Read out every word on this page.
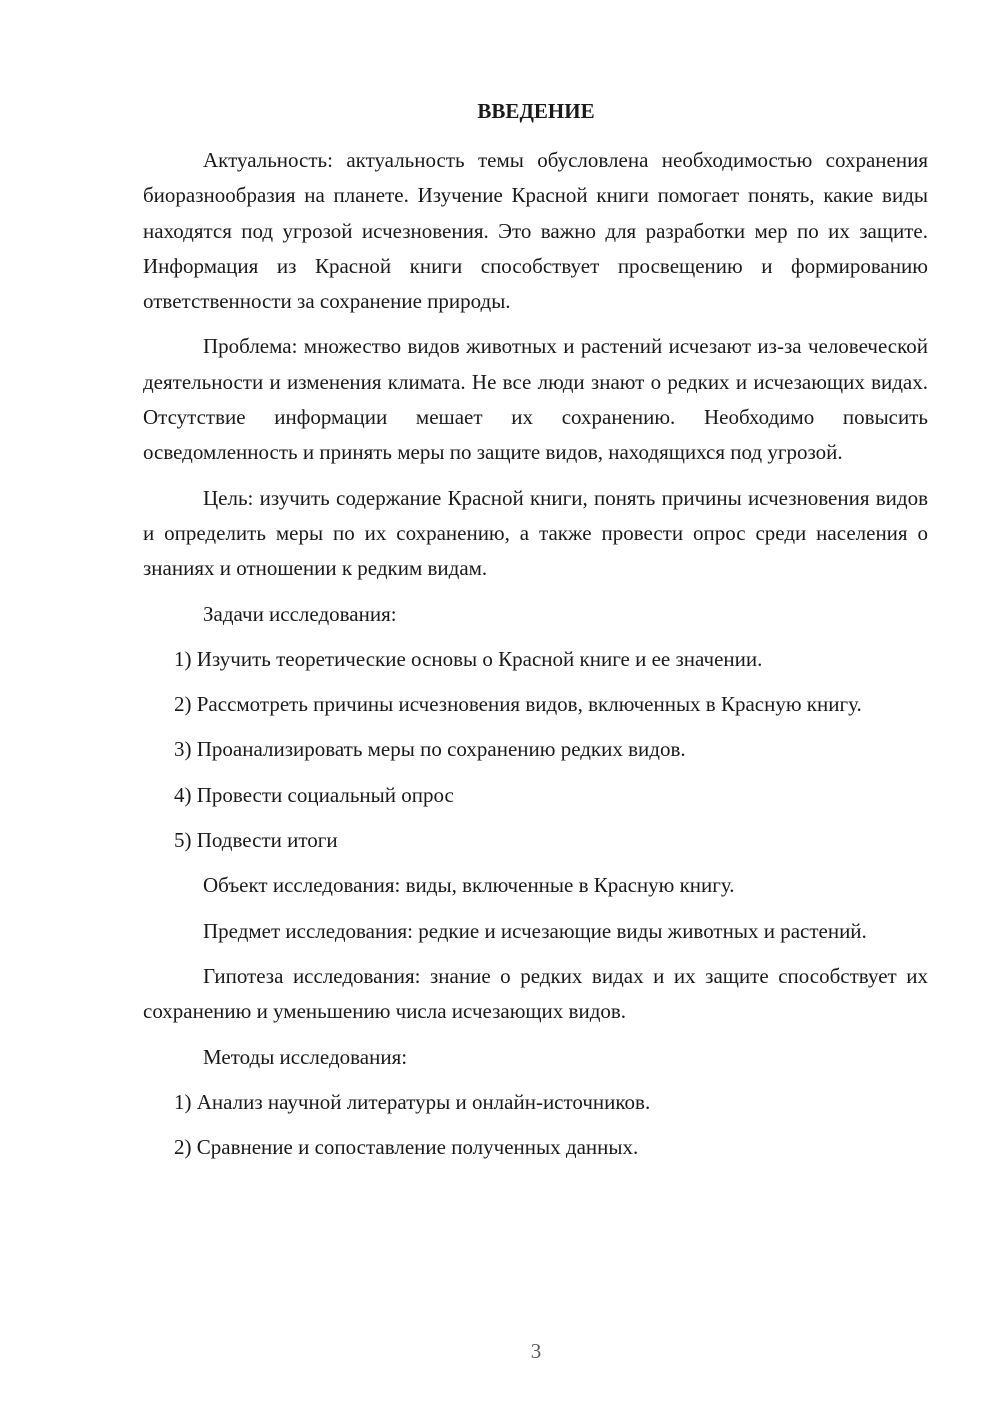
ВВЕДЕНИЕ

Актуальность: актуальность темы обусловлена необходимостью сохранения биоразнообразия на планете. Изучение Красной книги помогает понять, какие виды находятся под угрозой исчезновения. Это важно для разработки мер по их защите. Информация из Красной книги способствует просвещению и формированию ответственности за сохранение природы.

Проблема: множество видов животных и растений исчезают из-за человеческой деятельности и изменения климата. Не все люди знают о редких и исчезающих видах. Отсутствие информации мешает их сохранению. Необходимо повысить осведомленность и принять меры по защите видов, находящихся под угрозой.

Цель: изучить содержание Красной книги, понять причины исчезновения видов и определить меры по их сохранению, а также провести опрос среди населения о знаниях и отношении к редким видам.

Задачи исследования:

1) Изучить теоретические основы о Красной книге и ее значении.

2) Рассмотреть причины исчезновения видов, включенных в Красную книгу.

3) Проанализировать меры по сохранению редких видов.

4) Провести социальный опрос

5) Подвести итоги

Объект исследования: виды, включенные в Красную книгу.

Предмет исследования: редкие и исчезающие виды животных и растений.

Гипотеза исследования: знание о редких видах и их защите способствует их сохранению и уменьшению числа исчезающих видов.

Методы исследования:

1) Анализ научной литературы и онлайн-источников.

2) Сравнение и сопоставление полученных данных.

3
